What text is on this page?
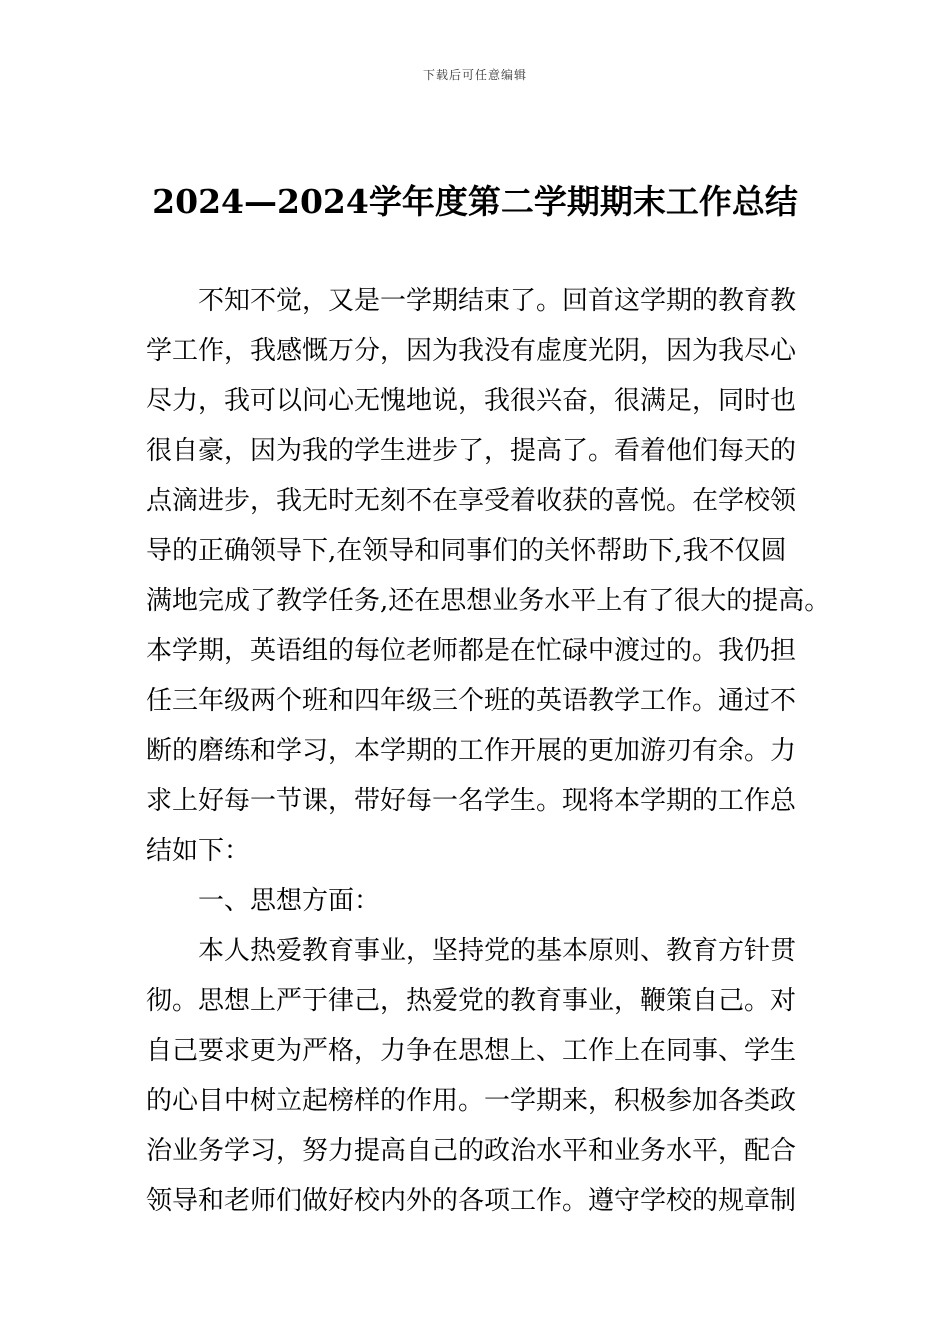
下载后可任意编辑
2024—2024学年度第二学期期末工作总结
不知不觉，又是一学期结束了。回首这学期的教育教
学工作，我感慨万分，因为我没有虚度光阴，因为我尽心
尽力，我可以问心无愧地说，我很兴奋，很满足，同时也
很自豪，因为我的学生进步了，提高了。看着他们每天的
点滴进步，我无时无刻不在享受着收获的喜悦。在学校领
导的正确领导下,在领导和同事们的关怀帮助下,我不仅圆
满地完成了教学任务,还在思想业务水平上有了很大的提高。
本学期，英语组的每位老师都是在忙碌中渡过的。我仍担
任三年级两个班和四年级三个班的英语教学工作。通过不
断的磨练和学习，本学期的工作开展的更加游刃有余。力
求上好每一节课，带好每一名学生。现将本学期的工作总
结如下：
一、思想方面：
本人热爱教育事业，坚持党的基本原则、教育方针贯
彻。思想上严于律己，热爱党的教育事业，鞭策自己。对
自己要求更为严格，力争在思想上、工作上在同事、学生
的心目中树立起榜样的作用。一学期来，积极参加各类政
治业务学习，努力提高自己的政治水平和业务水平，配合
领导和老师们做好校内外的各项工作。遵守学校的规章制
